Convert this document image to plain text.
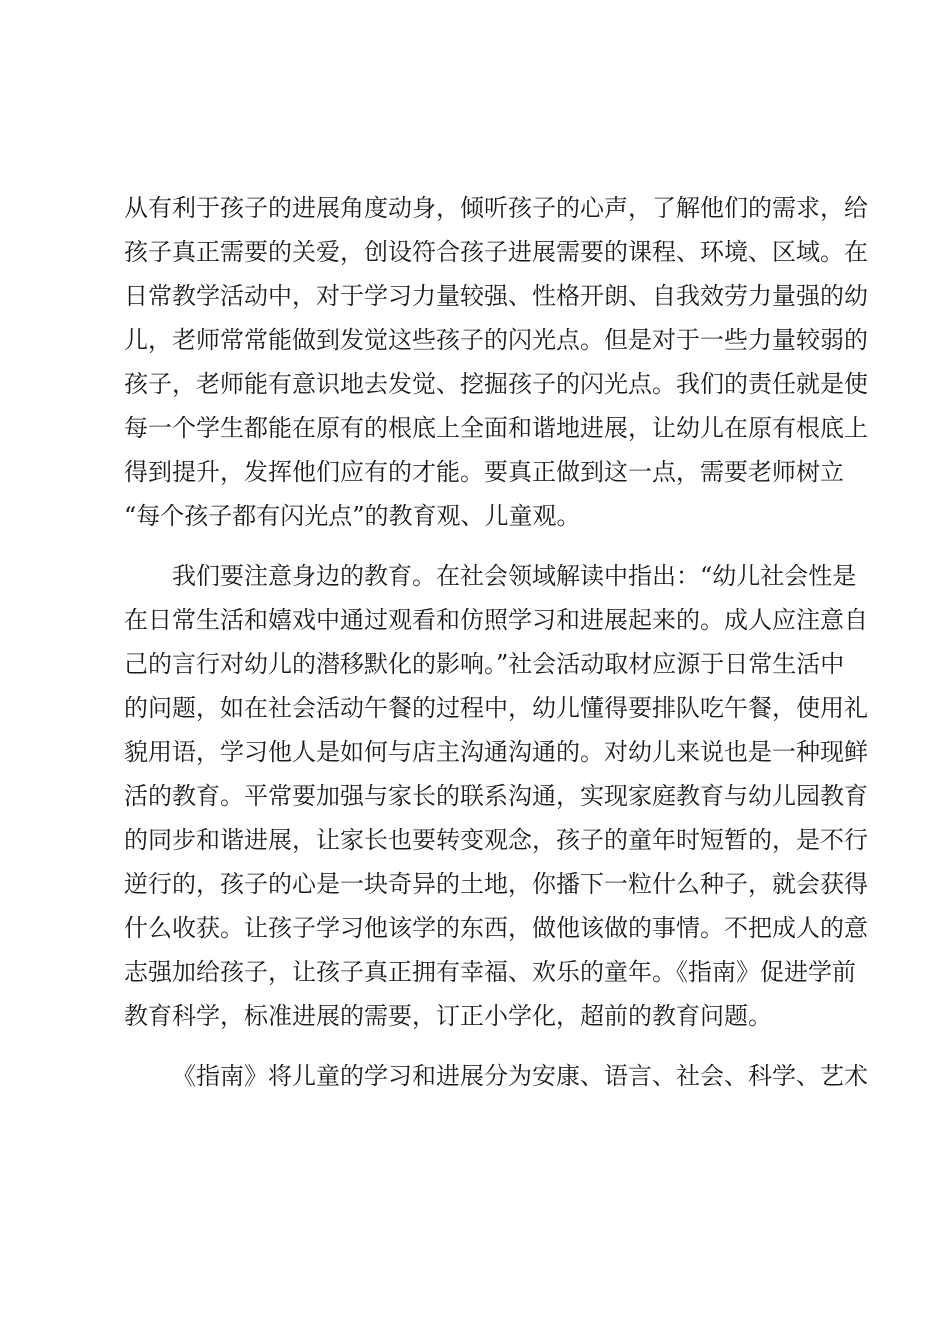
从有利于孩子的进展角度动身，倾听孩子的心声，了解他们的需求，给
孩子真正需要的关爱，创设符合孩子进展需要的课程、环境、区域。在
日常教学活动中，对于学习力量较强、性格开朗、自我效劳力量强的幼
儿，老师常常能做到发觉这些孩子的闪光点。但是对于一些力量较弱的
孩子，老师能有意识地去发觉、挖掘孩子的闪光点。我们的责任就是使
每一个学生都能在原有的根底上全面和谐地进展，让幼儿在原有根底上
得到提升，发挥他们应有的才能。要真正做到这一点，需要老师树立
“每个孩子都有闪光点”的教育观、儿童观。
我们要注意身边的教育。在社会领域解读中指出：“幼儿社会性是
在日常生活和嬉戏中通过观看和仿照学习和进展起来的。成人应注意自
己的言行对幼儿的潜移默化的影响。”社会活动取材应源于日常生活中
的问题，如在社会活动午餐的过程中，幼儿懂得要排队吃午餐，使用礼
貌用语，学习他人是如何与店主沟通沟通的。对幼儿来说也是一种现鲜
活的教育。平常要加强与家长的联系沟通，实现家庭教育与幼儿园教育
的同步和谐进展，让家长也要转变观念，孩子的童年时短暂的，是不行
逆行的，孩子的心是一块奇异的土地，你播下一粒什么种子，就会获得
什么收获。让孩子学习他该学的东西，做他该做的事情。不把成人的意
志强加给孩子，让孩子真正拥有幸福、欢乐的童年。《指南》促进学前
教育科学，标准进展的需要，订正小学化，超前的教育问题。
《指南》将儿童的学习和进展分为安康、语言、社会、科学、艺术
